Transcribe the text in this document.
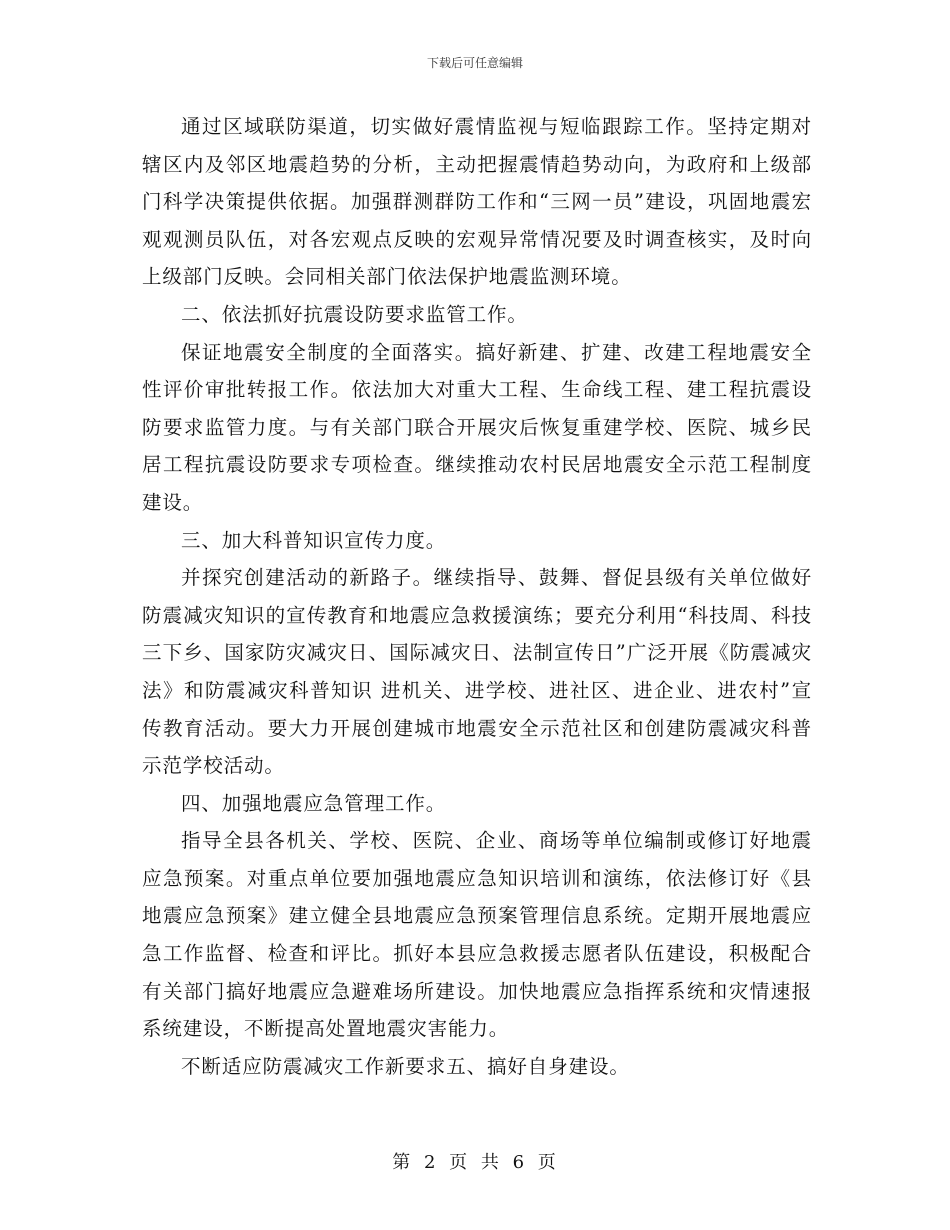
下载后可任意编辑

通过区域联防渠道，切实做好震情监视与短临跟踪工作。坚持定期对辖区内及邻区地震趋势的分析，主动把握震情趋势动向，为政府和上级部门科学决策提供依据。加强群测群防工作和“三网一员”建设，巩固地震宏观观测员队伍，对各宏观点反映的宏观异常情况要及时调查核实，及时向上级部门反映。会同相关部门依法保护地震监测环境。

二、依法抓好抗震设防要求监管工作。

保证地震安全制度的全面落实。搞好新建、扩建、改建工程地震安全性评价审批转报工作。依法加大对重大工程、生命线工程、建工程抗震设防要求监管力度。与有关部门联合开展灾后恢复重建学校、医院、城乡民居工程抗震设防要求专项检查。继续推动农村民居地震安全示范工程制度建设。

三、加大科普知识宣传力度。

并探究创建活动的新路子。继续指导、鼓舞、督促县级有关单位做好防震减灾知识的宣传教育和地震应急救援演练；要充分利用“科技周、科技三下乡、国家防灾减灾日、国际减灾日、法制宣传日”广泛开展《防震减灾法》和防震减灾科普知识 进机关、进学校、进社区、进企业、进农村”宣传教育活动。要大力开展创建城市地震安全示范社区和创建防震减灾科普示范学校活动。

四、加强地震应急管理工作。

指导全县各机关、学校、医院、企业、商场等单位编制或修订好地震应急预案。对重点单位要加强地震应急知识培训和演练，依法修订好《县地震应急预案》建立健全县地震应急预案管理信息系统。定期开展地震应急工作监督、检查和评比。抓好本县应急救援志愿者队伍建设，积极配合有关部门搞好地震应急避难场所建设。加快地震应急指挥系统和灾情速报系统建设，不断提高处置地震灾害能力。

不断适应防震减灾工作新要求五、搞好自身建设。

第 2 页 共 6 页
